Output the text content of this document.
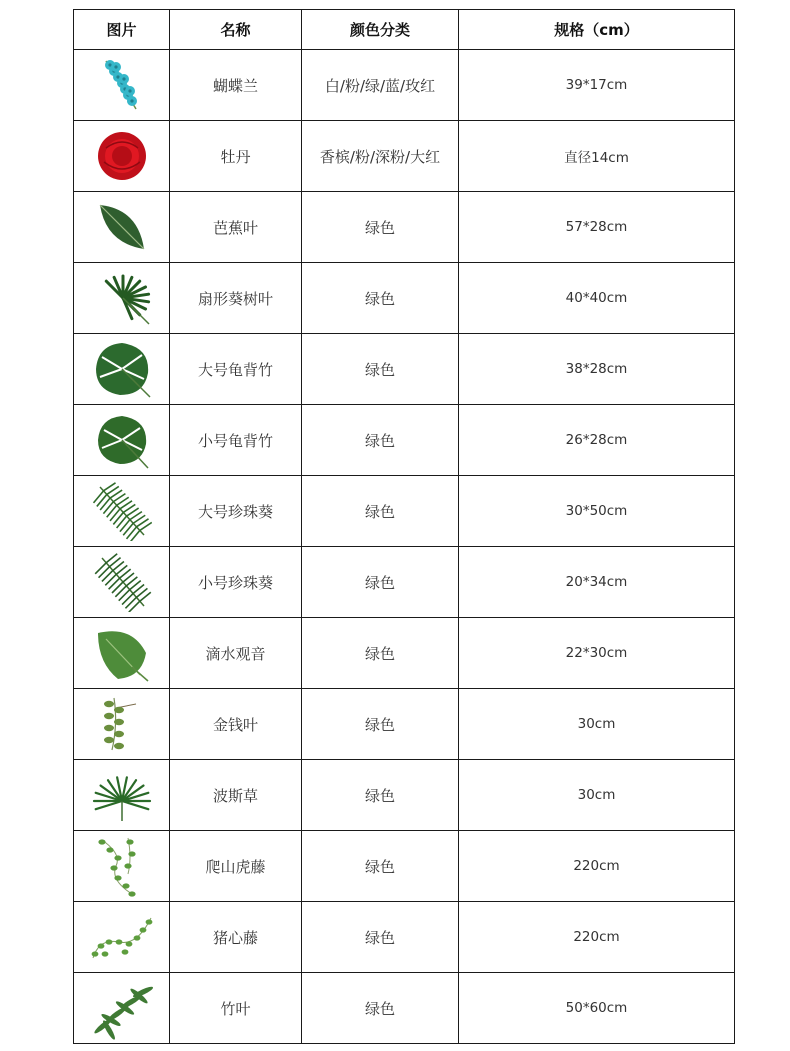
图片	名称	颜色分类	规格（cm）

	蝴蝶兰	白/粉/绿/蓝/玫红	39*17cm

	牡丹	香槟/粉/深粉/大红	直径14cm

	芭蕉叶	绿色	57*28cm

	扇形葵树叶	绿色	40*40cm

	大号龟背竹	绿色	38*28cm

	小号龟背竹	绿色	26*28cm

	大号珍珠葵	绿色	30*50cm

	小号珍珠葵	绿色	20*34cm

	滴水观音	绿色	22*30cm

	金钱叶	绿色	30cm

	波斯草	绿色	30cm

	爬山虎藤	绿色	220cm

	猪心藤	绿色	220cm

	竹叶	绿色	50*60cm
